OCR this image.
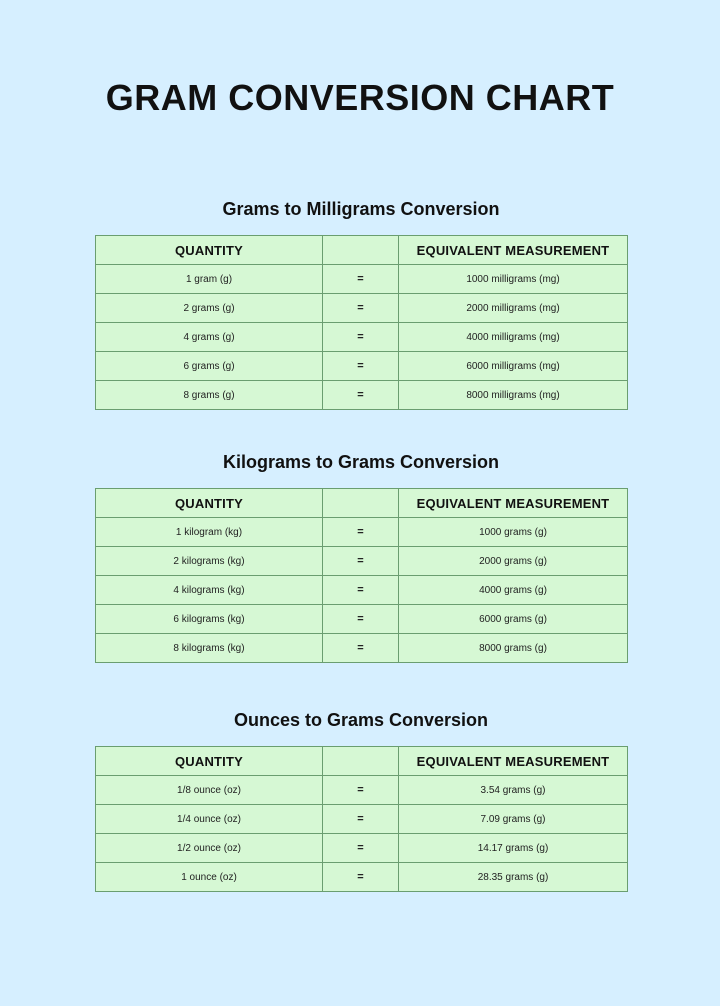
GRAM CONVERSION CHART
Grams to Milligrams Conversion
QUANTITY		EQUIVALENT MEASUREMENT
1 gram (g)	=	1000 milligrams (mg)
2 grams (g)	=	2000 milligrams (mg)
4 grams (g)	=	4000 milligrams (mg)
6 grams (g)	=	6000 milligrams (mg)
8 grams (g)	=	8000 milligrams (mg)
Kilograms to Grams Conversion
QUANTITY		EQUIVALENT MEASUREMENT
1 kilogram (kg)	=	1000 grams (g)
2 kilograms (kg)	=	2000 grams (g)
4 kilograms (kg)	=	4000 grams (g)
6 kilograms (kg)	=	6000 grams (g)
8 kilograms (kg)	=	8000 grams (g)
Ounces to Grams Conversion
QUANTITY		EQUIVALENT MEASUREMENT
1/8 ounce (oz)	=	3.54 grams (g)
1/4 ounce (oz)	=	7.09 grams (g)
1/2 ounce (oz)	=	14.17 grams (g)
1 ounce (oz)	=	28.35 grams (g)
